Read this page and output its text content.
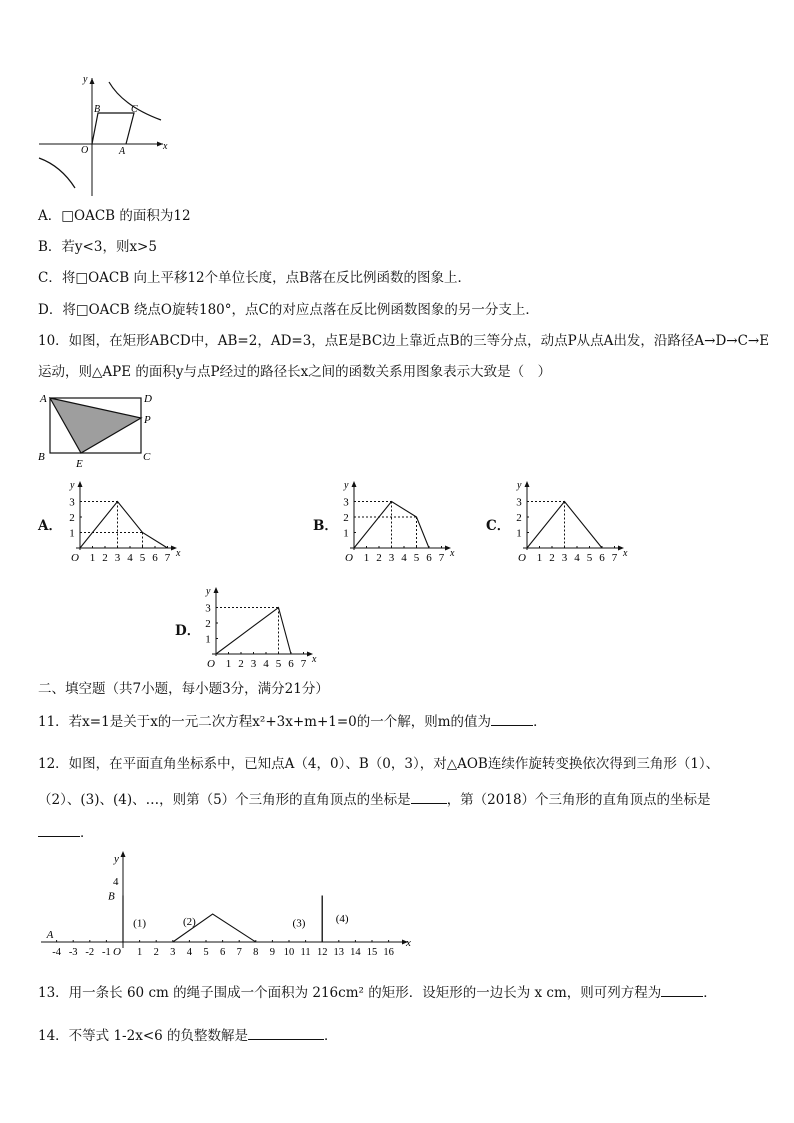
y
x
O	A
B	C
A．□OACB 的面积为12
B．若y<3，则x>5
C．将□OACB 向上平移12个单位长度，点B落在反比例函数的图象上．
D．将□OACB 绕点O旋转180°，点C的对应点落在反比例函数图象的另一分支上．
10．如图，在矩形ABCD中，AB=2，AD=3，点E是BC边上靠近点B的三等分点，动点P从点A出发，沿路径A→D→C→E
运动，则△APE 的面积y与点P经过的路径长x之间的函数关系用图象表示大致是（　）
A	D
P
B
E
C
A．
y
x
O 1 2 3 4 5 6 7
1
2
3
B．
y
x
O 1 2 3 4 5 6 7
1
2
3
C．
y
x
O 1 2 3 4 5 6 7
1
2
3
D．
y
x
O 1 2 3 4 5 6 7
1
2
3
二、填空题（共7小题，每小题3分，满分21分）
11．若x=1是关于x的一元二次方程x²+3x+m+1=0的一个解，则m的值为	．
12．如图，在平面直角坐标系中，已知点A（4，0）、B（0，3），对△AOB连续作旋转变换依次得到三角形（1）、
（2）、(3)、(4)、…，则第（5）个三角形的直角顶点的坐标是	，第（2018）个三角形的直角顶点的坐标是
．
y
x
O
4
-4 -3 -2 -1 1 2 3 4 5 6 7 8 9 10 11 12 13 14 15 16
A
B
(1)	(2)	(3)	(4)
13．用一条长 60 cm 的绳子围成一个面积为 216cm² 的矩形．设矩形的一边长为 x cm，则可列方程为	．
14．不等式 1-2x<6 的负整数解是	．
